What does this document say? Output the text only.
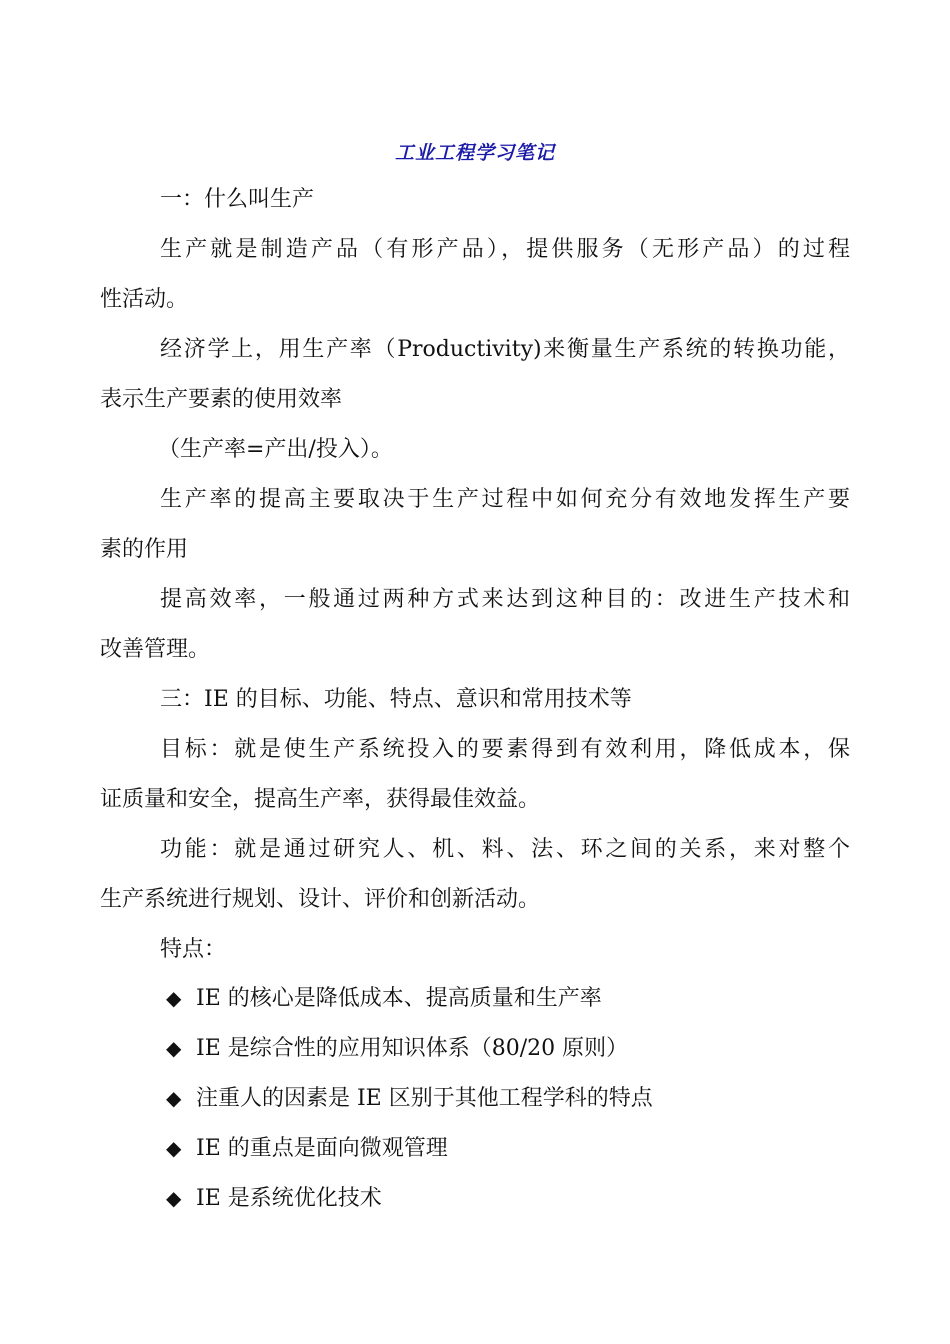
工业工程学习笔记
一：什么叫生产
生产就是制造产品（有形产品），提供服务（无形产品）的过程
性活动。
经济学上，用生产率（Productivity)来衡量生产系统的转换功能，
表示生产要素的使用效率
（生产率=产出/投入）。
生产率的提高主要取决于生产过程中如何充分有效地发挥生产要
素的作用
提高效率，一般通过两种方式来达到这种目的：改进生产技术和
改善管理。
三：IE 的目标、功能、特点、意识和常用技术等
目标：就是使生产系统投入的要素得到有效利用，降低成本，保
证质量和安全，提高生产率，获得最佳效益。
功能：就是通过研究人、机、料、法、环之间的关系，来对整个
生产系统进行规划、设计、评价和创新活动。
特点：
◆ IE 的核心是降低成本、提高质量和生产率
◆ IE 是综合性的应用知识体系（80/20 原则）
◆ 注重人的因素是 IE 区别于其他工程学科的特点
◆ IE 的重点是面向微观管理
◆ IE 是系统优化技术
